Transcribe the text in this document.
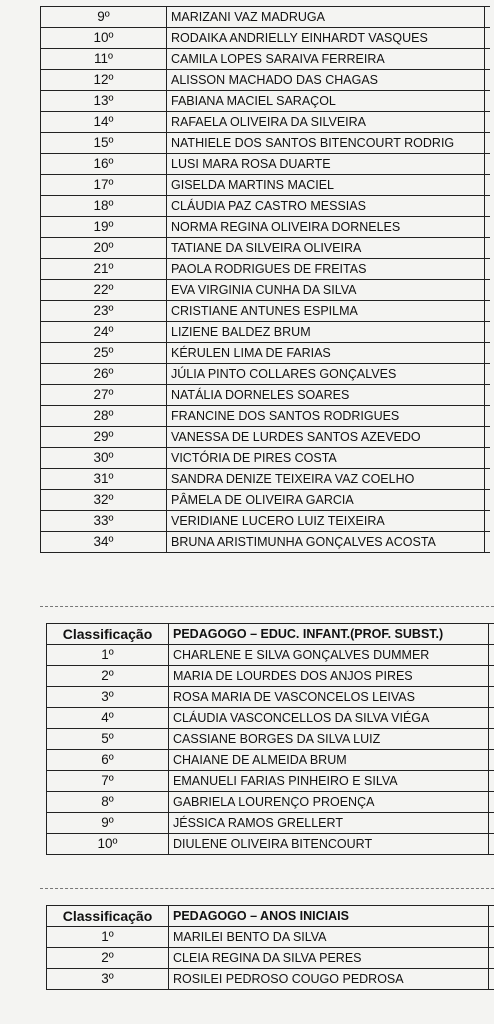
9º	MARIZANI VAZ MADRUGA	
10º	RODAIKA ANDRIELLY EINHARDT VASQUES	
11º	CAMILA LOPES SARAIVA FERREIRA	
12º	ALISSON MACHADO DAS CHAGAS	
13º	FABIANA MACIEL SARAÇOL	
14º	RAFAELA OLIVEIRA DA SILVEIRA	
15º	NATHIELE DOS SANTOS BITENCOURT RODRIG	
16º	LUSI MARA ROSA DUARTE	
17º	GISELDA MARTINS MACIEL	
18º	CLÁUDIA PAZ CASTRO MESSIAS	
19º	NORMA REGINA OLIVEIRA DORNELES	
20º	TATIANE DA SILVEIRA OLIVEIRA	
21º	PAOLA RODRIGUES DE FREITAS	
22º	EVA VIRGINIA CUNHA DA SILVA	
23º	CRISTIANE ANTUNES ESPILMA	
24º	LIZIENE BALDEZ BRUM	
25º	KÉRULEN LIMA DE FARIAS	
26º	JÚLIA PINTO COLLARES GONÇALVES	
27º	NATÁLIA DORNELES SOARES	
28º	FRANCINE DOS SANTOS RODRIGUES	
29º	VANESSA DE LURDES SANTOS AZEVEDO	
30º	VICTÓRIA DE PIRES COSTA	
31º	SANDRA DENIZE TEIXEIRA VAZ COELHO	
32º	PÂMELA DE OLIVEIRA GARCIA	
33º	VERIDIANE LUCERO LUIZ TEIXEIRA	
34º	BRUNA ARISTIMUNHA GONÇALVES ACOSTA	
Classificação	PEDAGOGO – EDUC. INFANT.(PROF. SUBST.)	
1º	CHARLENE E SILVA GONÇALVES DUMMER	
2º	MARIA DE LOURDES DOS ANJOS PIRES	
3º	ROSA MARIA DE VASCONCELOS LEIVAS	
4º	CLÁUDIA VASCONCELLOS DA SILVA VIÉGA	
5º	CASSIANE BORGES DA SILVA LUIZ	
6º	CHAIANE DE ALMEIDA BRUM	
7º	EMANUELI FARIAS PINHEIRO E SILVA	
8º	GABRIELA LOURENÇO PROENÇA	
9º	JÉSSICA RAMOS GRELLERT	
10º	DIULENE OLIVEIRA BITENCOURT	
Classificação	PEDAGOGO – ANOS INICIAIS	
1º	MARILEI BENTO DA SILVA	
2º	CLEIA REGINA DA SILVA PERES	
3º	ROSILEI PEDROSO COUGO PEDROSA	
